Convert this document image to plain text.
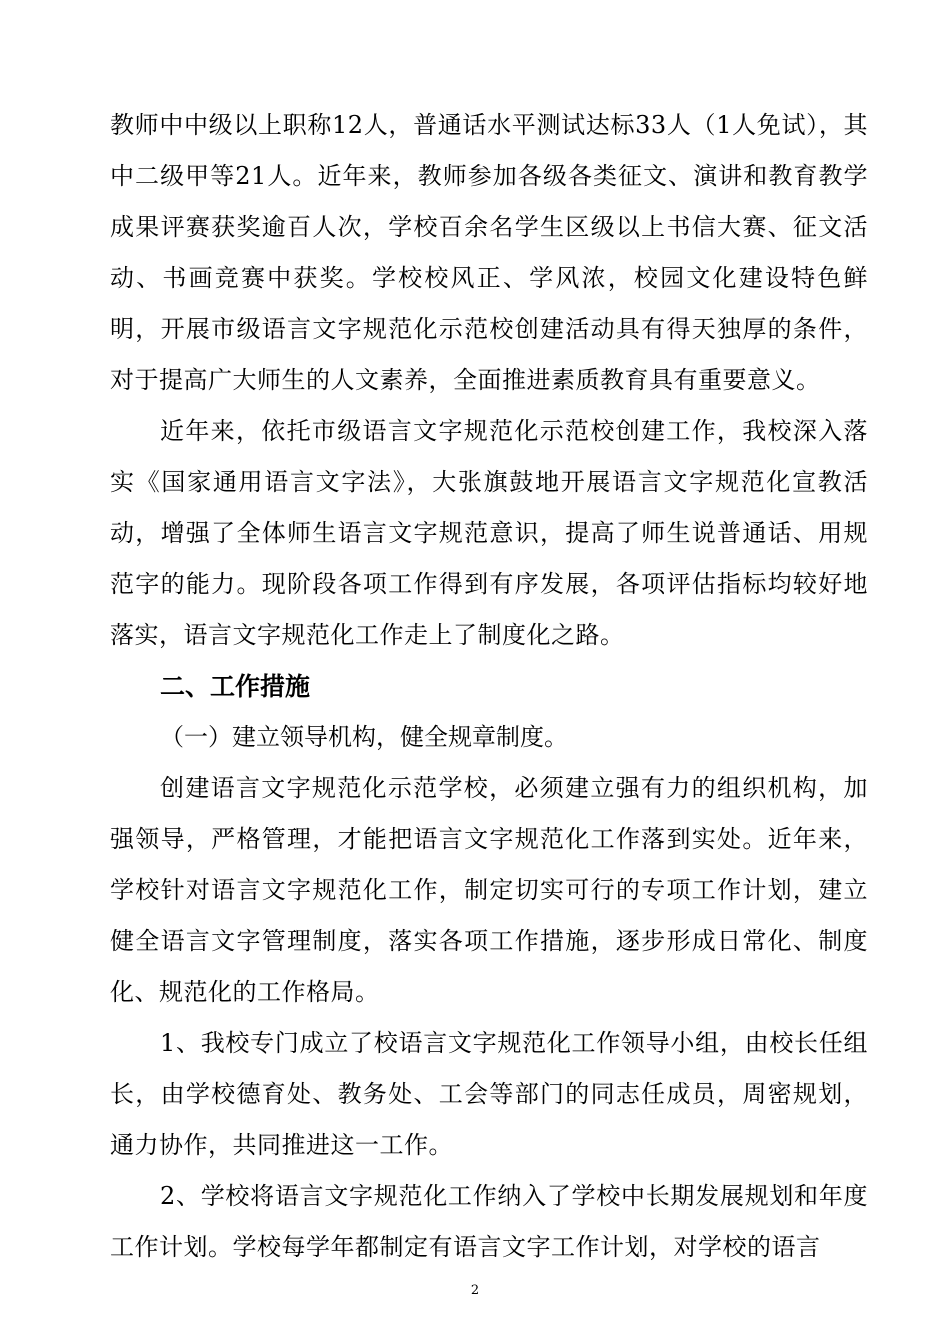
教师中中级以上职称12人，普通话水平测试达标33人（1人免试），其中二级甲等21人。近年来，教师参加各级各类征文、演讲和教育教学成果评赛获奖逾百人次，学校百余名学生区级以上书信大赛、征文活动、书画竞赛中获奖。学校校风正、学风浓，校园文化建设特色鲜明，开展市级语言文字规范化示范校创建活动具有得天独厚的条件，对于提高广大师生的人文素养，全面推进素质教育具有重要意义。

近年来，依托市级语言文字规范化示范校创建工作，我校深入落实《国家通用语言文字法》，大张旗鼓地开展语言文字规范化宣教活动，增强了全体师生语言文字规范意识，提高了师生说普通话、用规范字的能力。现阶段各项工作得到有序发展，各项评估指标均较好地落实，语言文字规范化工作走上了制度化之路。

二、工作措施

（一）建立领导机构，健全规章制度。

创建语言文字规范化示范学校，必须建立强有力的组织机构，加强领导，严格管理，才能把语言文字规范化工作落到实处。近年来，学校针对语言文字规范化工作，制定切实可行的专项工作计划，建立健全语言文字管理制度，落实各项工作措施，逐步形成日常化、制度化、规范化的工作格局。

1、我校专门成立了校语言文字规范化工作领导小组，由校长任组长，由学校德育处、教务处、工会等部门的同志任成员，周密规划，通力协作，共同推进这一工作。

2、学校将语言文字规范化工作纳入了学校中长期发展规划和年度工作计划。学校每学年都制定有语言文字工作计划，对学校的语言

2
